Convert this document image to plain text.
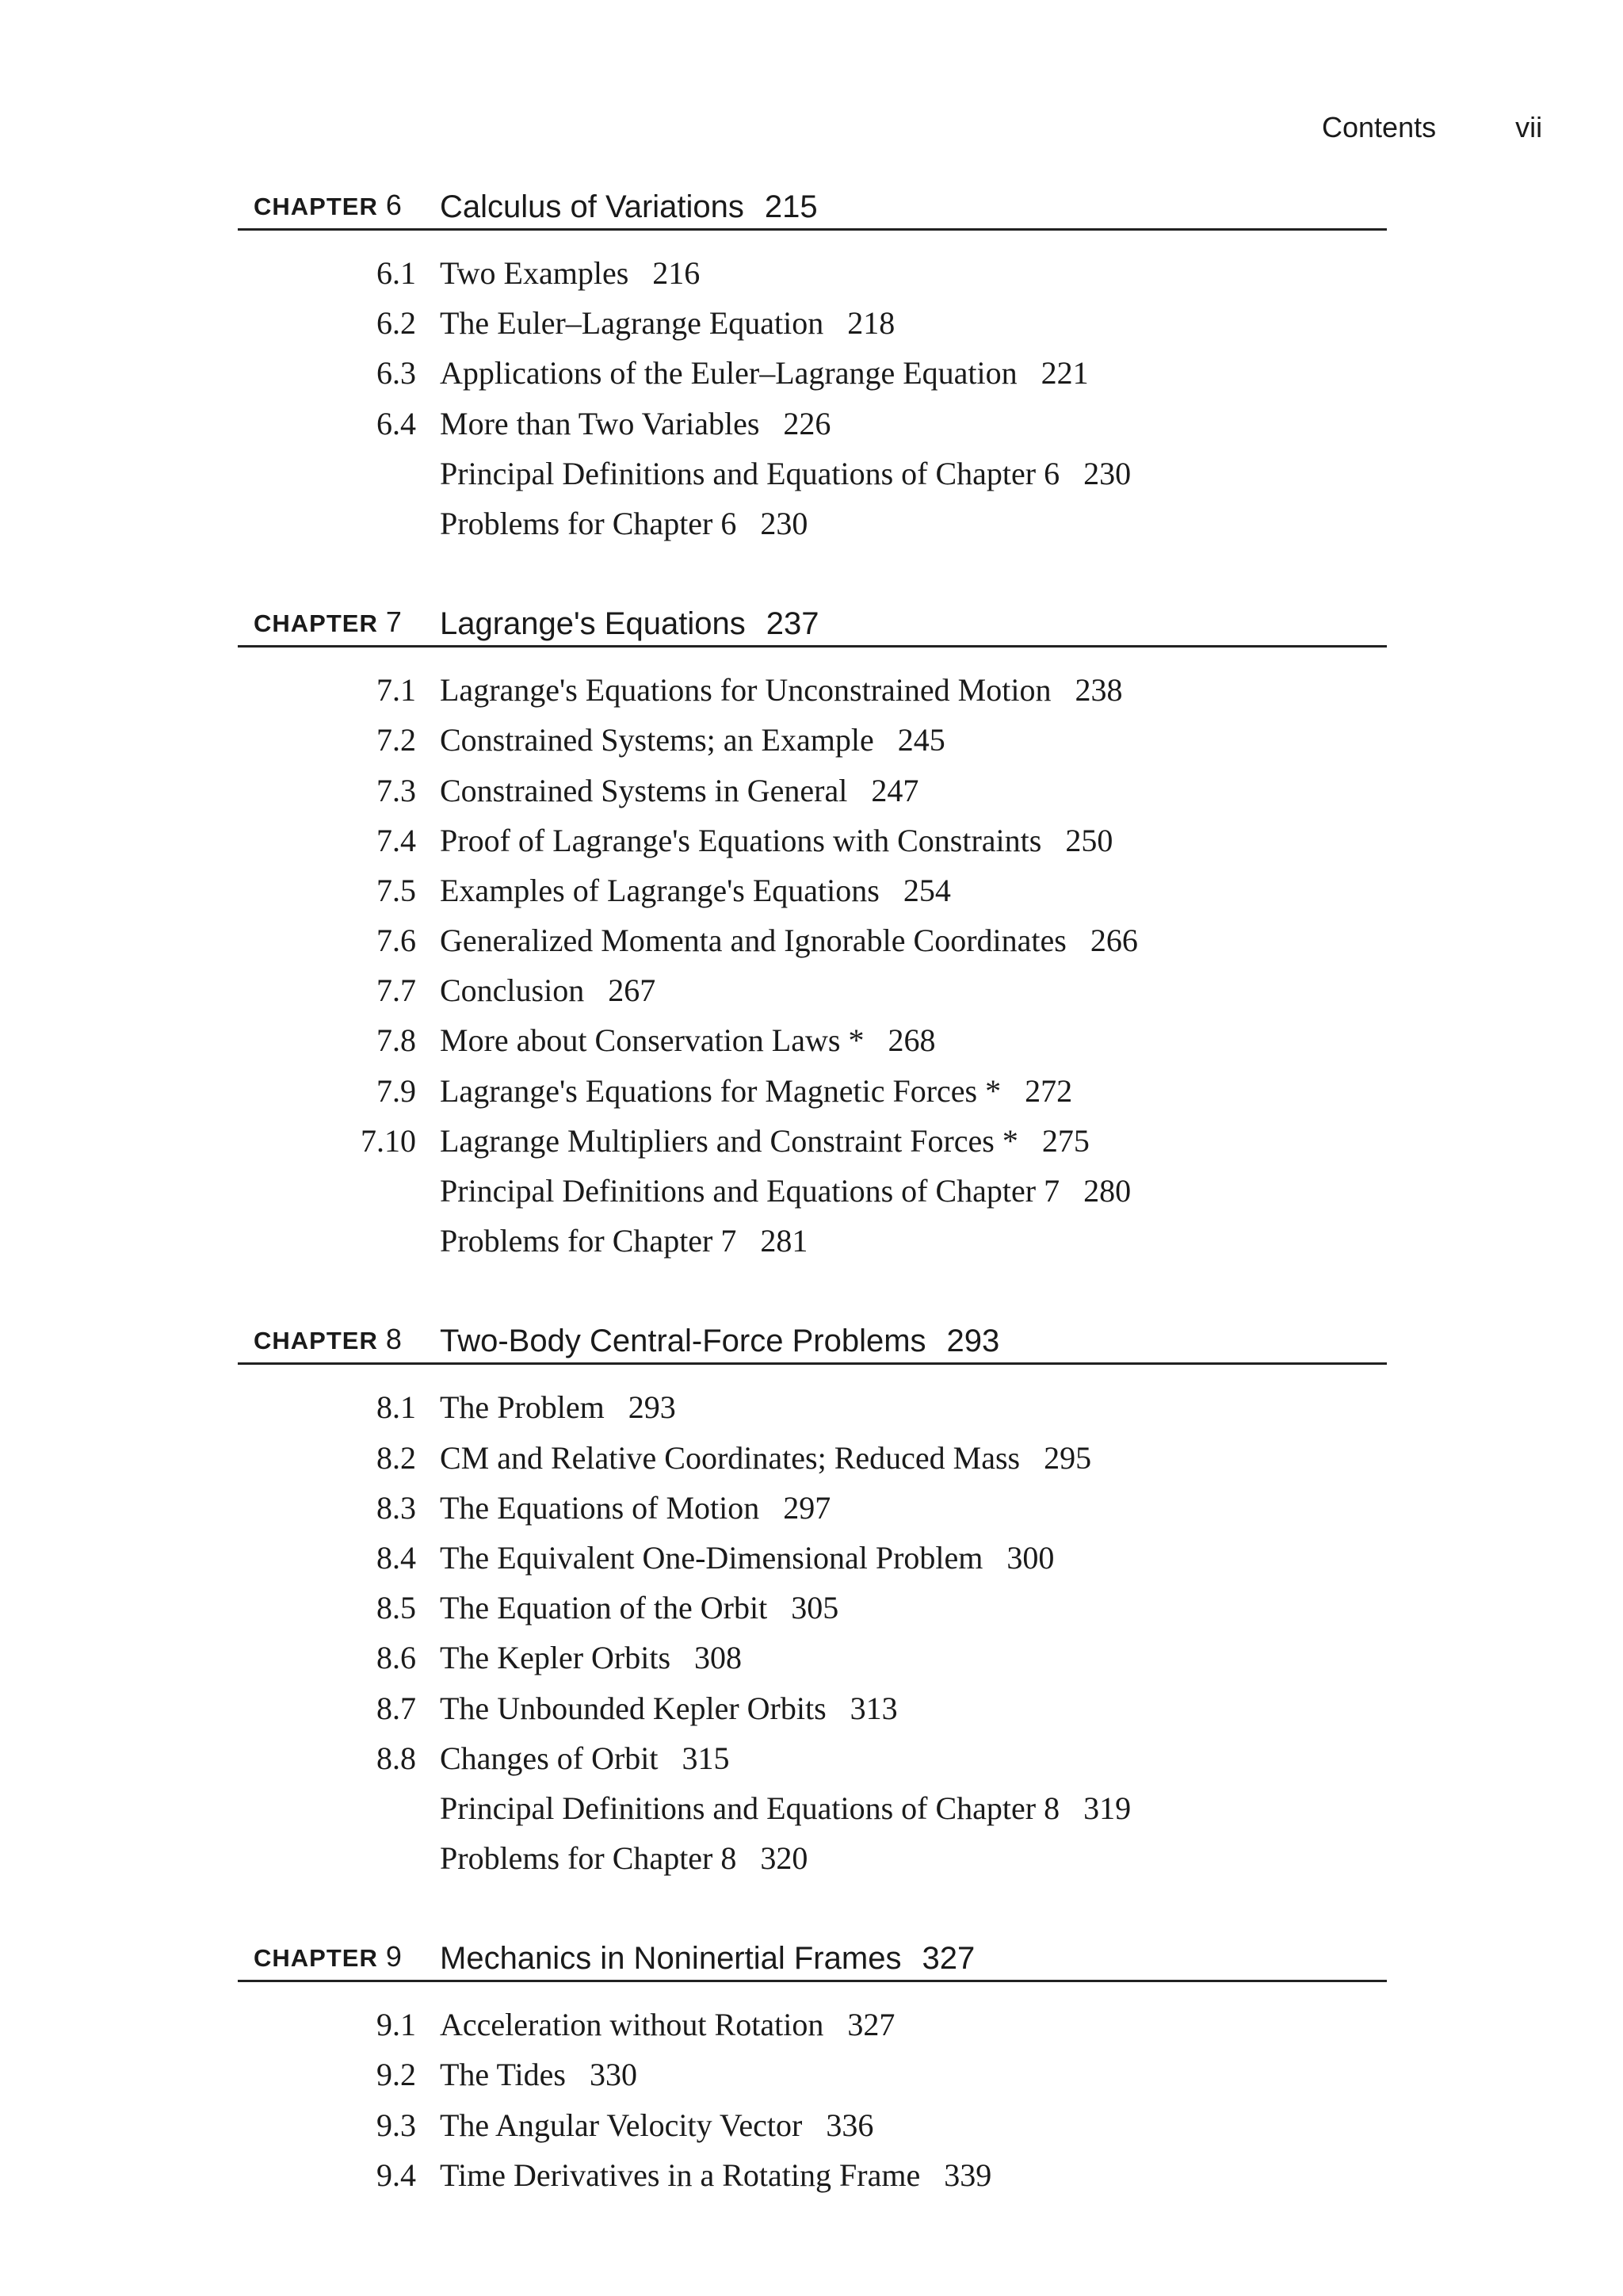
Contents	vii
CHAPTER 6 Calculus of Variations 215
6.1 Two Examples 216
6.2 The Euler–Lagrange Equation 218
6.3 Applications of the Euler–Lagrange Equation 221
6.4 More than Two Variables 226
Principal Definitions and Equations of Chapter 6 230
Problems for Chapter 6 230
CHAPTER 7 Lagrange's Equations 237
7.1 Lagrange's Equations for Unconstrained Motion 238
7.2 Constrained Systems; an Example 245
7.3 Constrained Systems in General 247
7.4 Proof of Lagrange's Equations with Constraints 250
7.5 Examples of Lagrange's Equations 254
7.6 Generalized Momenta and Ignorable Coordinates 266
7.7 Conclusion 267
7.8 More about Conservation Laws * 268
7.9 Lagrange's Equations for Magnetic Forces * 272
7.10 Lagrange Multipliers and Constraint Forces * 275
Principal Definitions and Equations of Chapter 7 280
Problems for Chapter 7 281
CHAPTER 8 Two-Body Central-Force Problems 293
8.1 The Problem 293
8.2 CM and Relative Coordinates; Reduced Mass 295
8.3 The Equations of Motion 297
8.4 The Equivalent One-Dimensional Problem 300
8.5 The Equation of the Orbit 305
8.6 The Kepler Orbits 308
8.7 The Unbounded Kepler Orbits 313
8.8 Changes of Orbit 315
Principal Definitions and Equations of Chapter 8 319
Problems for Chapter 8 320
CHAPTER 9 Mechanics in Noninertial Frames 327
9.1 Acceleration without Rotation 327
9.2 The Tides 330
9.3 The Angular Velocity Vector 336
9.4 Time Derivatives in a Rotating Frame 339
